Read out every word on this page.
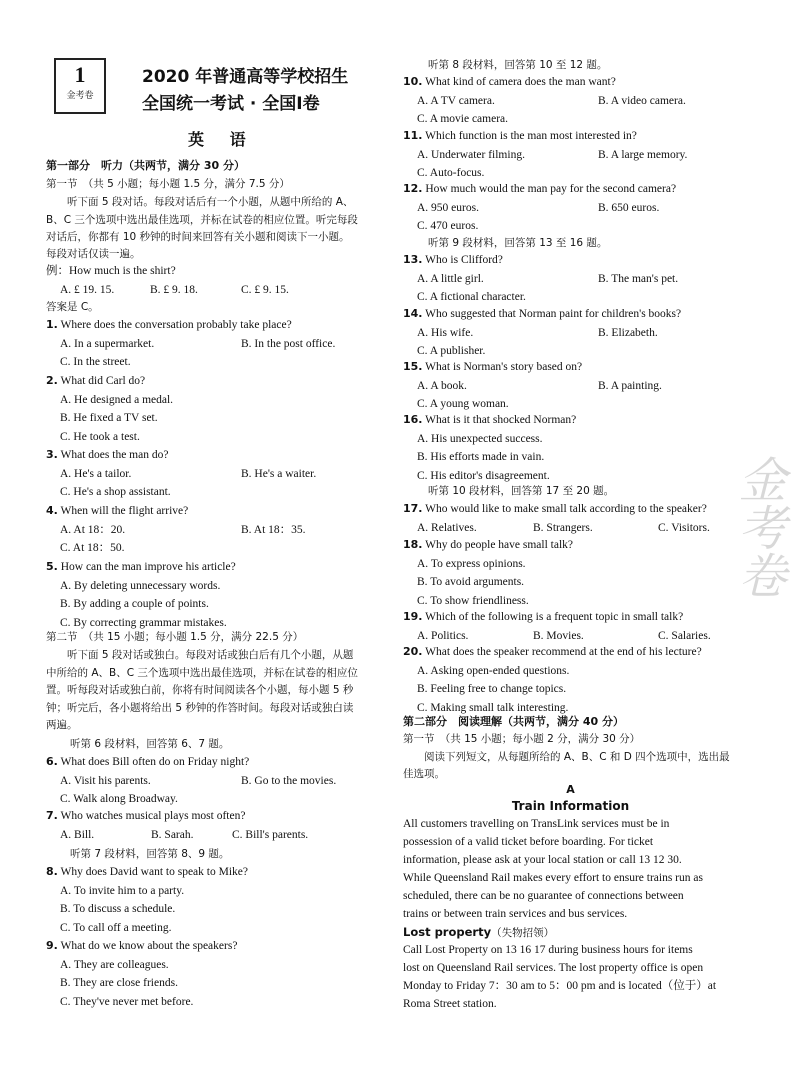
1
金考卷
2020 年普通高等学校招生
全国统一考试 · 全国Ⅰ卷
英 语
第一部分　听力（共两节，满分 30 分）
第一节　（共 5 小题；每小题 1.5 分，满分 7.5 分）
　　听下面 5 段对话。每段对话后有一个小题，从题中所给的 A、
B、C 三个选项中选出最佳选项，并标在试卷的相应位置。听完每段
对话后，你都有 10 秒钟的时间来回答有关小题和阅读下一小题。
每段对话仅读一遍。
例：How much is the shirt?
A. £ 19. 15.	B. £ 9. 18.	C. £ 9. 15.
答案是 C。
1. Where does the conversation probably take place?
A. In a supermarket.	B. In the post office.
C. In the street.
2. What did Carl do?
A. He designed a medal.
B. He fixed a TV set.
C. He took a test.
3. What does the man do?
A. He's a tailor.	B. He's a waiter.
C. He's a shop assistant.
4. When will the flight arrive?
A. At 18：20.	B. At 18：35.
C. At 18：50.
5. How can the man improve his article?
A. By deleting unnecessary words.
B. By adding a couple of points.
C. By correcting grammar mistakes.
6. What does Bill often do on Friday night?
A. Visit his parents.	B. Go to the movies.
C. Walk along Broadway.
7. Who watches musical plays most often?
A. Bill.	B. Sarah.	C. Bill's parents.
8. Why does David want to speak to Mike?
A. To invite him to a party.
B. To discuss a schedule.
C. To call off a meeting.
9. What do we know about the speakers?
A. They are colleagues.
B. They are close friends.
C. They've never met before.
第二节　（共 15 小题；每小题 1.5 分，满分 22.5 分）
　　听下面 5 段对话或独白。每段对话或独白后有几个小题，从题
中所给的 A、B、C 三个选项中选出最佳选项，并标在试卷的相应位
置。听每段对话或独白前，你将有时间阅读各个小题，每小题 5 秒
钟；听完后，各小题将给出 5 秒钟的作答时间。每段对话或独白读
两遍。
听第 6 段材料，回答第 6、7 题。
听第 7 段材料，回答第 8、9 题。
听第 8 段材料，回答第 10 至 12 题。
听第 9 段材料，回答第 13 至 16 题。
听第 10 段材料，回答第 17 至 20 题。
10. What kind of camera does the man want?
A. A TV camera.	B. A video camera.
C. A movie camera.
11. Which function is the man most interested in?
A. Underwater filming.	B. A large memory.
C. Auto-focus.
12. How much would the man pay for the second camera?
A. 950 euros.	B. 650 euros.
C. 470 euros.
13. Who is Clifford?
A. A little girl.	B. The man's pet.
C. A fictional character.
14. Who suggested that Norman paint for children's books?
A. His wife.	B. Elizabeth.
C. A publisher.
15. What is Norman's story based on?
A. A book.	B. A painting.
C. A young woman.
16. What is it that shocked Norman?
A. His unexpected success.
B. His efforts made in vain.
C. His editor's disagreement.
17. Who would like to make small talk according to the speaker?
A. Relatives.	B. Strangers.	C. Visitors.
18. Why do people have small talk?
A. To express opinions.
B. To avoid arguments.
C. To show friendliness.
19. Which of the following is a frequent topic in small talk?
A. Politics.	B. Movies.	C. Salaries.
20. What does the speaker recommend at the end of his lecture?
A. Asking open-ended questions.
B. Feeling free to change topics.
C. Making small talk interesting.
第二部分　阅读理解（共两节，满分 40 分）
第一节　（共 15 小题；每小题 2 分，满分 30 分）
　　阅读下列短文，从每题所给的 A、B、C 和 D 四个选项中，选出最
佳选项。
A
Train Information
All customers travelling on TransLink services must be in
possession of a valid ticket before boarding. For ticket
information, please ask at your local station or call 13 12 30.
While Queensland Rail makes every effort to ensure trains run as
scheduled, there can be no guarantee of connections between
trains or between train services and bus services.
Lost property（失物招领）
Call Lost Property on 13 16 17 during business hours for items
lost on Queensland Rail services. The lost property office is open
Monday to Friday 7：30 am to 5：00 pm and is located（位于）at
Roma Street station.
金考卷
